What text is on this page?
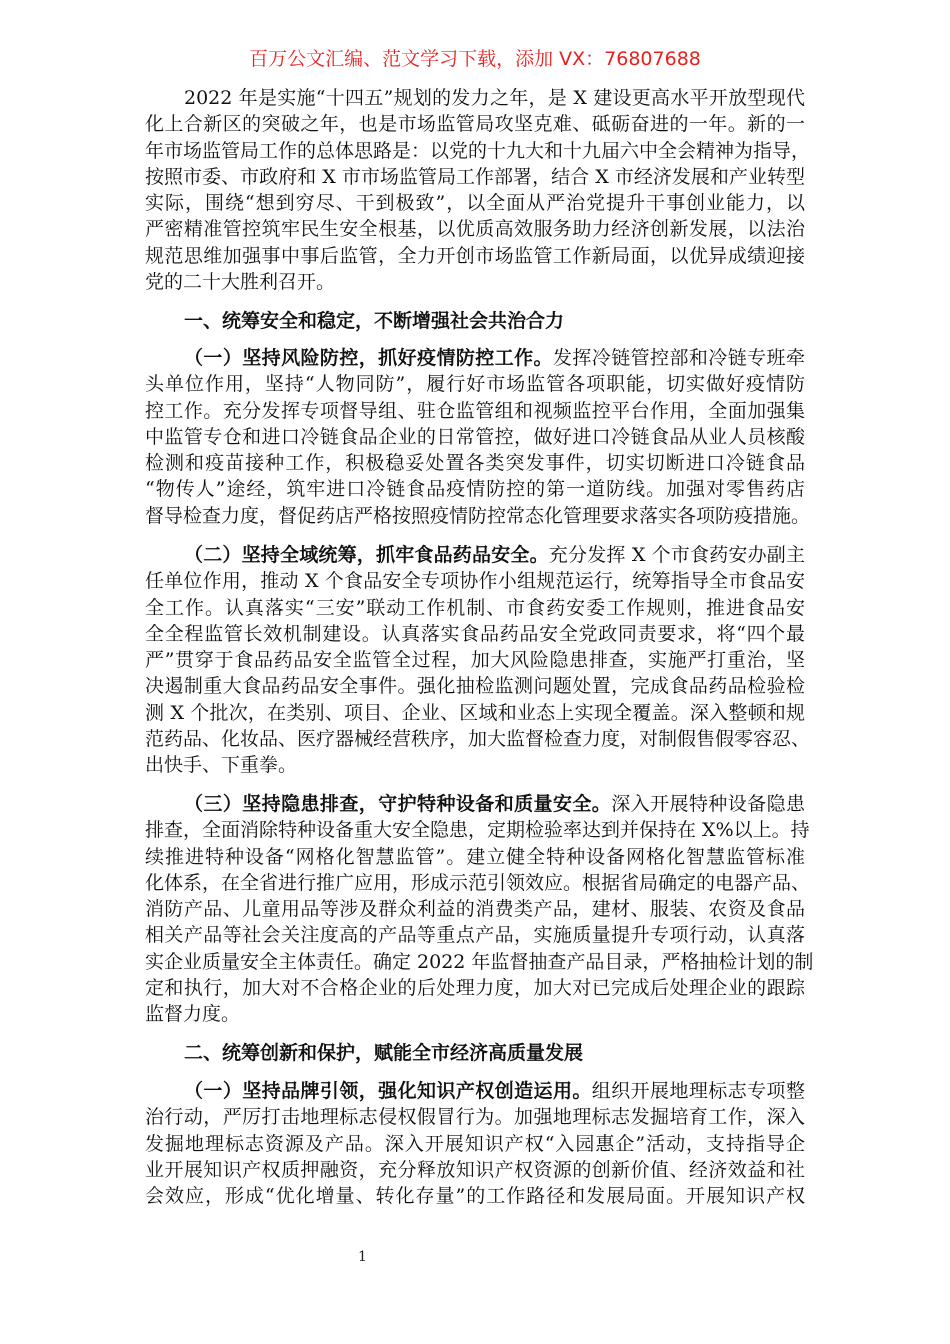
百万公文汇编、范文学习下载，添加 VX：76807688
2022 年是实施“十四五”规划的发力之年，是 X 建设更高水平开放型现代
化上合新区的突破之年，也是市场监管局攻坚克难、砥砺奋进的一年。新的一
年市场监管局工作的总体思路是：以党的十九大和十九届六中全会精神为指导，
按照市委、市政府和 X 市市场监管局工作部署，结合 X 市经济发展和产业转型
实际，围绕“想到穷尽、干到极致”，以全面从严治党提升干事创业能力，以
严密精准管控筑牢民生安全根基，以优质高效服务助力经济创新发展，以法治
规范思维加强事中事后监管，全力开创市场监管工作新局面，以优异成绩迎接
党的二十大胜利召开。
一、统筹安全和稳定，不断增强社会共治合力
（一）坚持风险防控，抓好疫情防控工作。发挥冷链管控部和冷链专班牵
头单位作用，坚持“人物同防”，履行好市场监管各项职能，切实做好疫情防
控工作。充分发挥专项督导组、驻仓监管组和视频监控平台作用，全面加强集
中监管专仓和进口冷链食品企业的日常管控，做好进口冷链食品从业人员核酸
检测和疫苗接种工作，积极稳妥处置各类突发事件，切实切断进口冷链食品
“物传人”途经，筑牢进口冷链食品疫情防控的第一道防线。加强对零售药店
督导检查力度，督促药店严格按照疫情防控常态化管理要求落实各项防疫措施。
（二）坚持全域统筹，抓牢食品药品安全。充分发挥 X 个市食药安办副主
任单位作用，推动 X 个食品安全专项协作小组规范运行，统筹指导全市食品安
全工作。认真落实“三安”联动工作机制、市食药安委工作规则，推进食品安
全全程监管长效机制建设。认真落实食品药品安全党政同责要求，将“四个最
严”贯穿于食品药品安全监管全过程，加大风险隐患排查，实施严打重治，坚
决遏制重大食品药品安全事件。强化抽检监测问题处置，完成食品药品检验检
测 X 个批次，在类别、项目、企业、区域和业态上实现全覆盖。深入整顿和规
范药品、化妆品、医疗器械经营秩序，加大监督检查力度，对制假售假零容忍、
出快手、下重拳。
（三）坚持隐患排查，守护特种设备和质量安全。深入开展特种设备隐患
排查，全面消除特种设备重大安全隐患，定期检验率达到并保持在 X%以上。持
续推进特种设备“网格化智慧监管”。建立健全特种设备网格化智慧监管标准
化体系，在全省进行推广应用，形成示范引领效应。根据省局确定的电器产品、
消防产品、儿童用品等涉及群众利益的消费类产品，建材、服装、农资及食品
相关产品等社会关注度高的产品等重点产品，实施质量提升专项行动，认真落
实企业质量安全主体责任。确定 2022 年监督抽查产品目录，严格抽检计划的制
定和执行，加大对不合格企业的后处理力度，加大对已完成后处理企业的跟踪
监督力度。
二、统筹创新和保护，赋能全市经济高质量发展
（一）坚持品牌引领，强化知识产权创造运用。组织开展地理标志专项整
治行动，严厉打击地理标志侵权假冒行为。加强地理标志发掘培育工作，深入
发掘地理标志资源及产品。深入开展知识产权“入园惠企”活动，支持指导企
业开展知识产权质押融资，充分释放知识产权资源的创新价值、经济效益和社
会效应，形成“优化增量、转化存量”的工作路径和发展局面。开展知识产权
1
